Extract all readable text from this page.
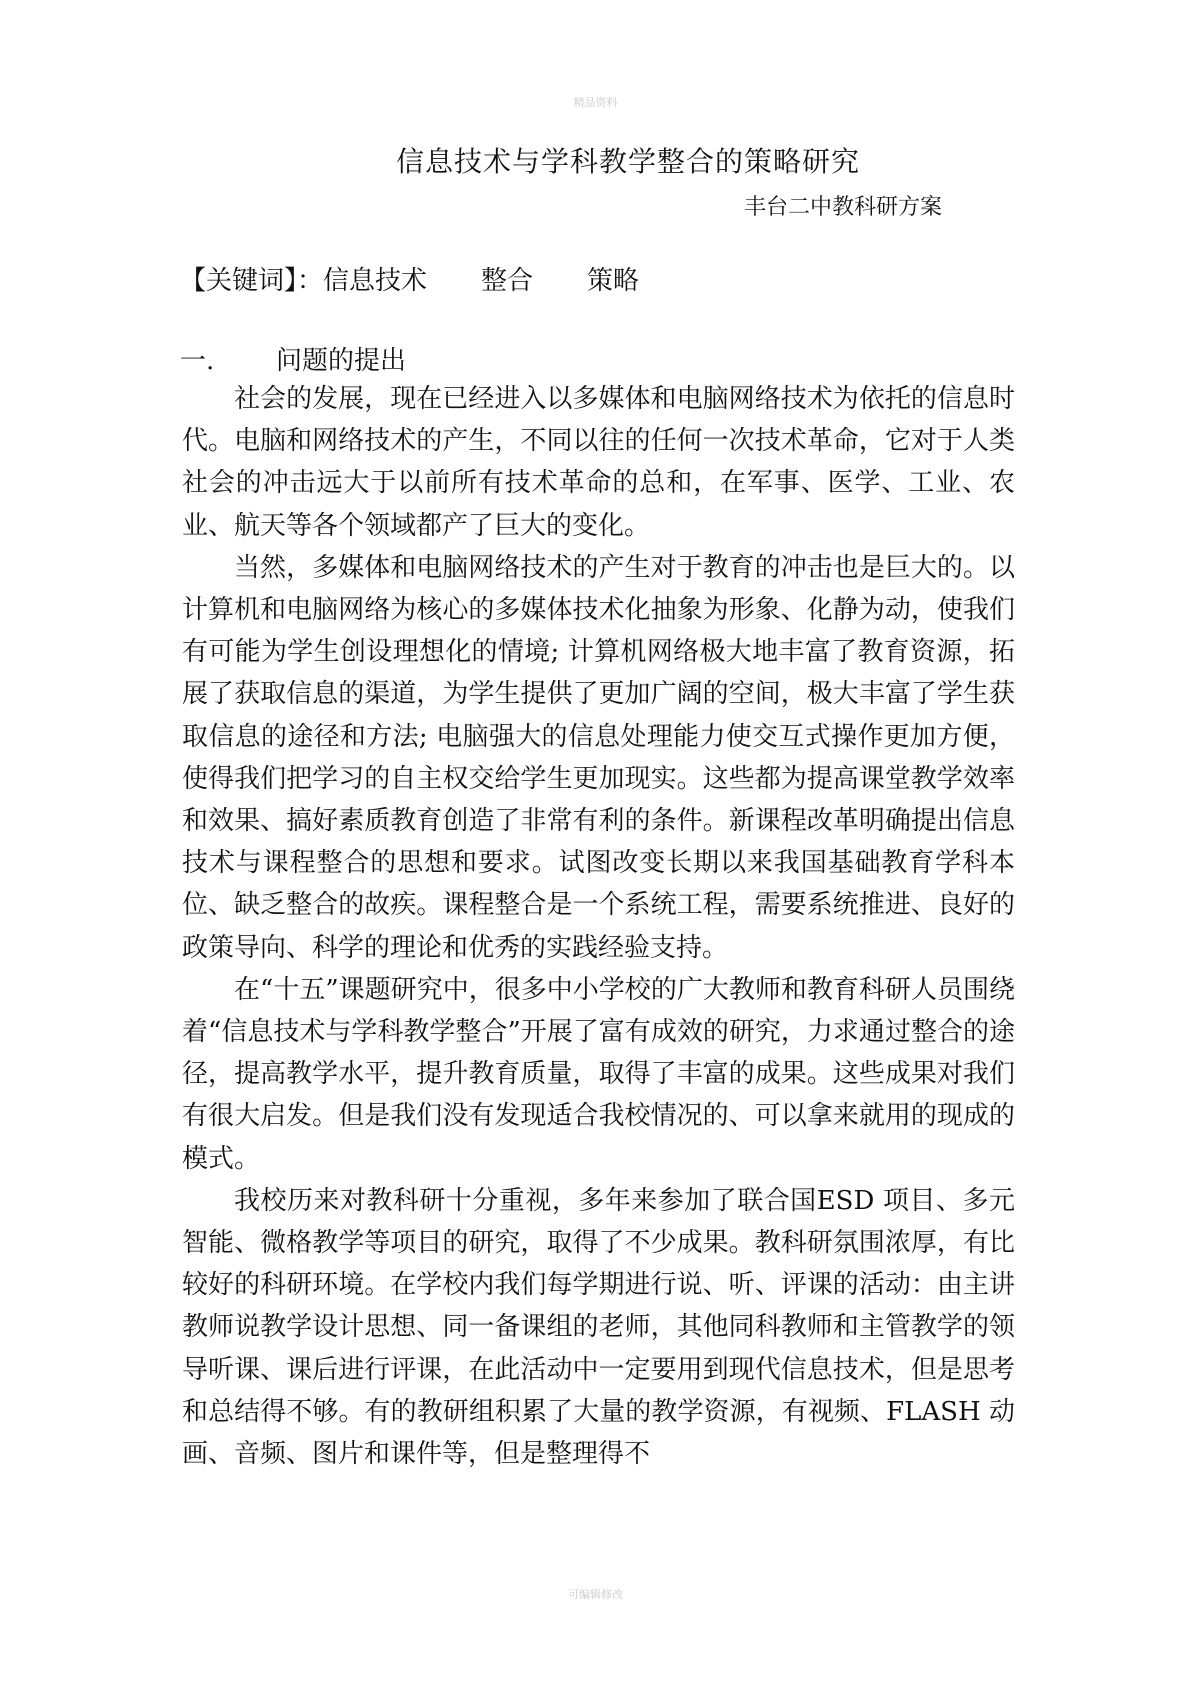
精品资料
信息技术与学科教学整合的策略研究
丰台二中教科研方案
【关键词】：信息技术 整合 策略
一. 问题的提出

社会的发展，现在已经进入以多媒体和电脑网络技术为依托的信息时代。电脑和网络技术的产生，不同以往的任何一次技术革命，它对于人类社会的冲击远大于以前所有技术革命的总和，在军事、医学、工业、农业、航天等各个领域都产了巨大的变化。

当然，多媒体和电脑网络技术的产生对于教育的冲击也是巨大的。以计算机和电脑网络为核心的多媒体技术化抽象为形象、化静为动，使我们有可能为学生创设理想化的情境; 计算机网络极大地丰富了教育资源，拓展了获取信息的渠道，为学生提供了更加广阔的空间，极大丰富了学生获取信息的途径和方法; 电脑强大的信息处理能力使交互式操作更加方便，使得我们把学习的自主权交给学生更加现实。这些都为提高课堂教学效率和效果、搞好素质教育创造了非常有利的条件。新课程改革明确提出信息技术与课程整合的思想和要求。试图改变长期以来我国基础教育学科本位、缺乏整合的故疾。课程整合是一个系统工程，需要系统推进、良好的政策导向、科学的理论和优秀的实践经验支持。

在“十五”课题研究中，很多中小学校的广大教师和教育科研人员围绕着“信息技术与学科教学整合”开展了富有成效的研究，力求通过整合的途径，提高教学水平，提升教育质量，取得了丰富的成果。这些成果对我们有很大启发。但是我们没有发现适合我校情况的、可以拿来就用的现成的模式。

我校历来对教科研十分重视，多年来参加了联合国ESD 项目、多元智能、微格教学等项目的研究，取得了不少成果。教科研氛围浓厚，有比较好的科研环境。在学校内我们每学期进行说、听、评课的活动：由主讲教师说教学设计思想、同一备课组的老师，其他同科教师和主管教学的领导听课、课后进行评课，在此活动中一定要用到现代信息技术，但是思考和总结得不够。有的教研组积累了大量的教学资源，有视频、FLASH 动画、音频、图片和课件等，但是整理得不

可编辑修改
